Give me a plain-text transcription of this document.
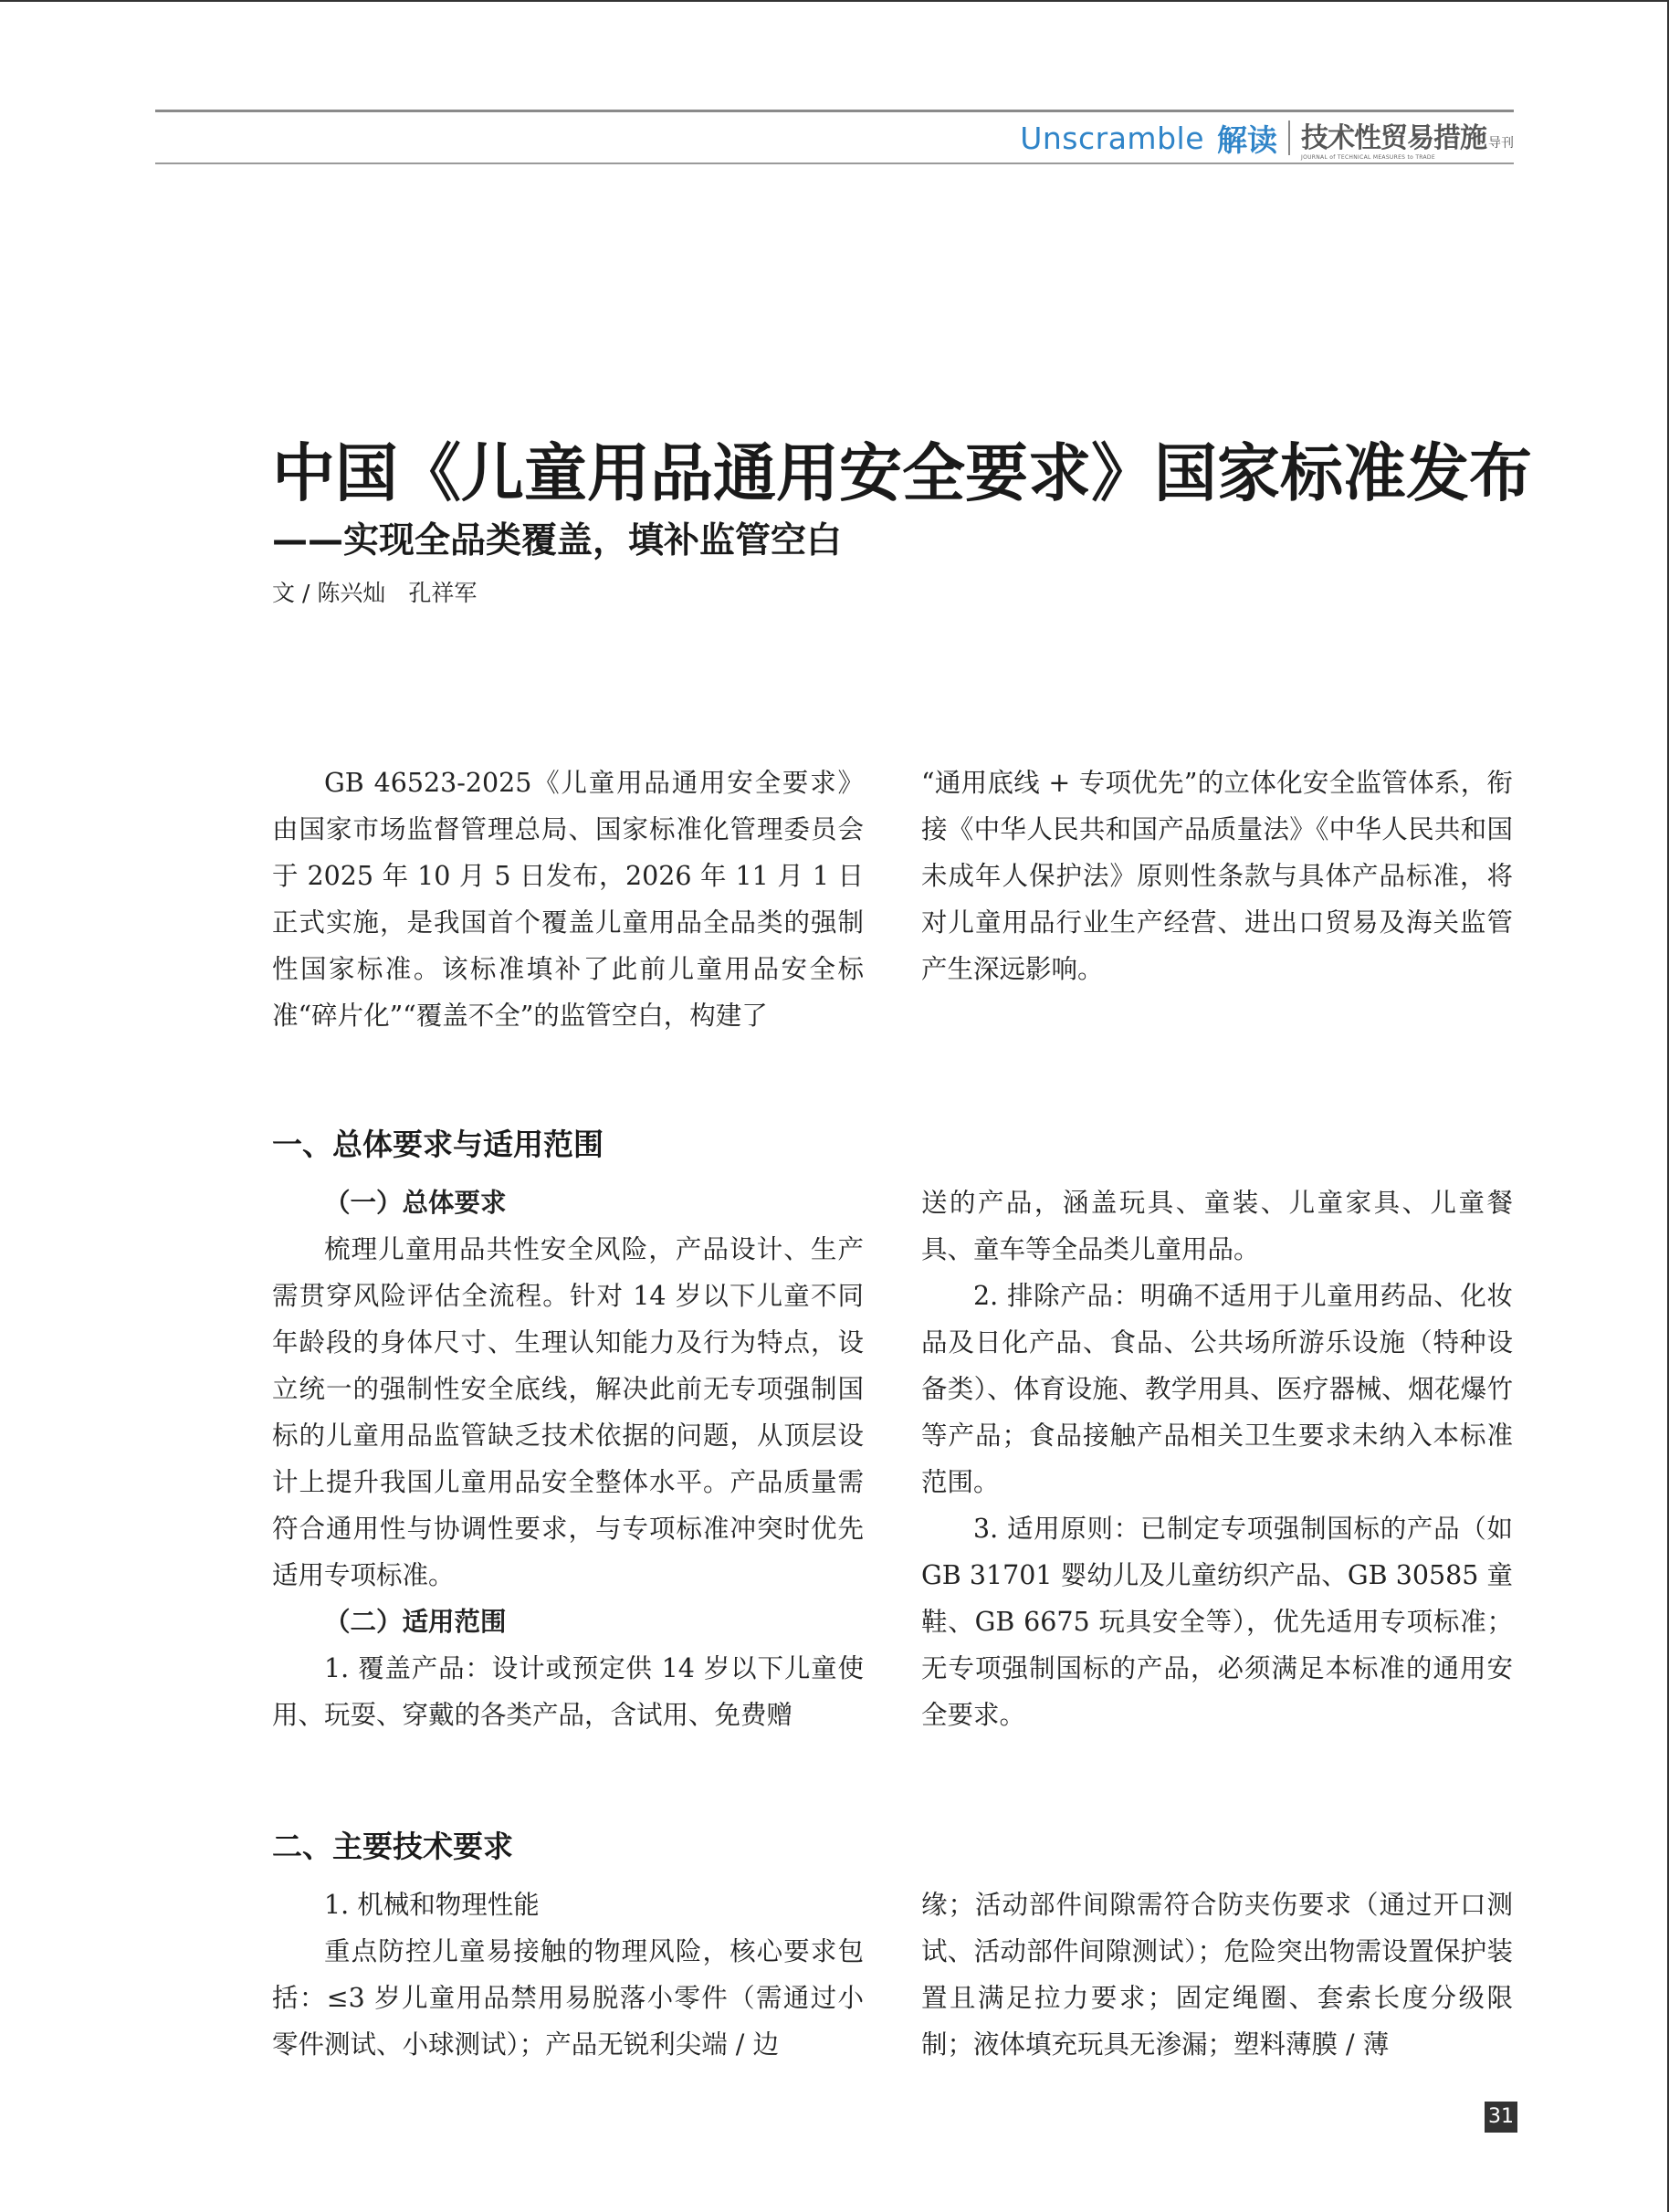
Unscramble 解读 技术性贸易措施 导刊
JOURNAL of TECHNICAL MEASURES to TRADE
中国《儿童用品通用安全要求》国家标准发布
——实现全品类覆盖，填补监管空白
文 / 陈兴灿　孔祥军

GB 46523-2025《儿童用品通用安全要求》由国家市场监督管理总局、国家标准化管理委员会于 2025 年 10 月 5 日发布，2026 年 11 月 1 日正式实施，是我国首个覆盖儿童用品全品类的强制性国家标准。该标准填补了此前儿童用品安全标准“碎片化”“覆盖不全”的监管空白，构建了

“通用底线 + 专项优先”的立体化安全监管体系，衔接《中华人民共和国产品质量法》《中华人民共和国未成年人保护法》原则性条款与具体产品标准，将对儿童用品行业生产经营、进出口贸易及海关监管产生深远影响。

一、总体要求与适用范围

（一）总体要求

梳理儿童用品共性安全风险，产品设计、生产需贯穿风险评估全流程。针对 14 岁以下儿童不同年龄段的身体尺寸、生理认知能力及行为特点，设立统一的强制性安全底线，解决此前无专项强制国标的儿童用品监管缺乏技术依据的问题，从顶层设计上提升我国儿童用品安全整体水平。产品质量需符合通用性与协调性要求，与专项标准冲突时优先适用专项标准。

（二）适用范围

1. 覆盖产品：设计或预定供 14 岁以下儿童使用、玩耍、穿戴的各类产品，含试用、免费赠

送的产品，涵盖玩具、童装、儿童家具、儿童餐具、童车等全品类儿童用品。

2. 排除产品：明确不适用于儿童用药品、化妆品及日化产品、食品、公共场所游乐设施（特种设备类）、体育设施、教学用具、医疗器械、烟花爆竹等产品；食品接触产品相关卫生要求未纳入本标准范围。

3. 适用原则：已制定专项强制国标的产品（如 GB 31701 婴幼儿及儿童纺织产品、GB 30585 童鞋、GB 6675 玩具安全等），优先适用专项标准；无专项强制国标的产品，必须满足本标准的通用安全要求。

二、主要技术要求

1. 机械和物理性能

重点防控儿童易接触的物理风险，核心要求包括：≤3 岁儿童用品禁用易脱落小零件（需通过小零件测试、小球测试）；产品无锐利尖端 / 边

缘；活动部件间隙需符合防夹伤要求（通过开口测试、活动部件间隙测试）；危险突出物需设置保护装置且满足拉力要求；固定绳圈、套索长度分级限制；液体填充玩具无渗漏；塑料薄膜 / 薄

31
